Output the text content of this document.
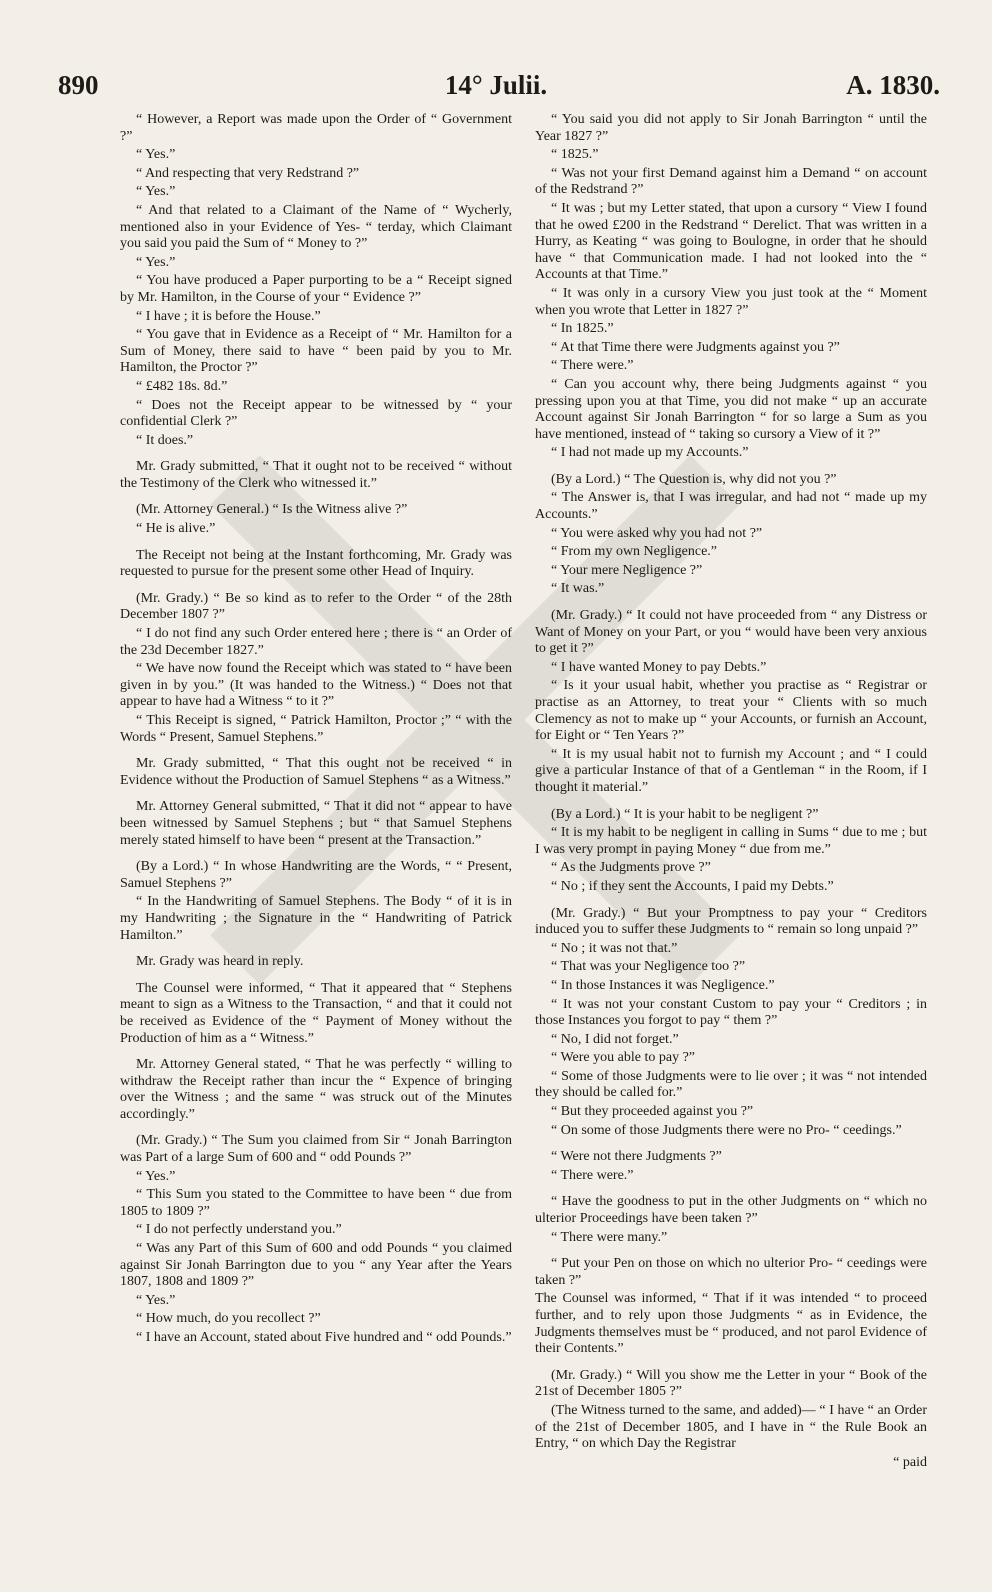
890	14° Julii.	A. 1830.

“ However, a Report was made upon the Order of “ Government ?”

“ Yes.”

“ And respecting that very Redstrand ?”

“ Yes.”

“ And that related to a Claimant of the Name of “ Wycherly, mentioned also in your Evidence of Yes- “ terday, which Claimant you said you paid the Sum of “ Money to ?”

“ Yes.”

“ You have produced a Paper purporting to be a “ Receipt signed by Mr. Hamilton, in the Course of your “ Evidence ?”

“ I have ; it is before the House.”

“ You gave that in Evidence as a Receipt of “ Mr. Hamilton for a Sum of Money, there said to have “ been paid by you to Mr. Hamilton, the Proctor ?”

“ £482 18s. 8d.”

“ Does not the Receipt appear to be witnessed by “ your confidential Clerk ?”

“ It does.”

Mr. Grady submitted, “ That it ought not to be received “ without the Testimony of the Clerk who witnessed it.”

(Mr. Attorney General.) “ Is the Witness alive ?”

“ He is alive.”

The Receipt not being at the Instant forthcoming, Mr. Grady was requested to pursue for the present some other Head of Inquiry.

(Mr. Grady.) “ Be so kind as to refer to the Order “ of the 28th December 1807 ?”

“ I do not find any such Order entered here ; there is “ an Order of the 23d December 1827.”

“ We have now found the Receipt which was stated to “ have been given in by you.” (It was handed to the Witness.) “ Does not that appear to have had a Witness “ to it ?”

“ This Receipt is signed, “ Patrick Hamilton, Proctor ;” “ with the Words “ Present, Samuel Stephens.”

Mr. Grady submitted, “ That this ought not be received “ in Evidence without the Production of Samuel Stephens “ as a Witness.”

Mr. Attorney General submitted, “ That it did not “ appear to have been witnessed by Samuel Stephens ; but “ that Samuel Stephens merely stated himself to have been “ present at the Transaction.”

(By a Lord.) “ In whose Handwriting are the Words, “ “ Present, Samuel Stephens ?”

“ In the Handwriting of Samuel Stephens. The Body “ of it is in my Handwriting ; the Signature in the “ Handwriting of Patrick Hamilton.”

Mr. Grady was heard in reply.

The Counsel were informed, “ That it appeared that “ Stephens meant to sign as a Witness to the Transaction, “ and that it could not be received as Evidence of the “ Payment of Money without the Production of him as a “ Witness.”

Mr. Attorney General stated, “ That he was perfectly “ willing to withdraw the Receipt rather than incur the “ Expence of bringing over the Witness ; and the same “ was struck out of the Minutes accordingly.”

(Mr. Grady.) “ The Sum you claimed from Sir “ Jonah Barrington was Part of a large Sum of 600 and “ odd Pounds ?”

“ Yes.”

“ This Sum you stated to the Committee to have been “ due from 1805 to 1809 ?”

“ I do not perfectly understand you.”

“ Was any Part of this Sum of 600 and odd Pounds “ you claimed against Sir Jonah Barrington due to you “ any Year after the Years 1807, 1808 and 1809 ?”

“ Yes.”

“ How much, do you recollect ?”

“ I have an Account, stated about Five hundred and “ odd Pounds.”

“ You said you did not apply to Sir Jonah Barrington “ until the Year 1827 ?”

“ 1825.”

“ Was not your first Demand against him a Demand “ on account of the Redstrand ?”

“ It was ; but my Letter stated, that upon a cursory “ View I found that he owed £200 in the Redstrand “ Derelict. That was written in a Hurry, as Keating “ was going to Boulogne, in order that he should have “ that Communication made. I had not looked into the “ Accounts at that Time.”

“ It was only in a cursory View you just took at the “ Moment when you wrote that Letter in 1827 ?”

“ In 1825.”

“ At that Time there were Judgments against you ?”

“ There were.”

“ Can you account why, there being Judgments against “ you pressing upon you at that Time, you did not make “ up an accurate Account against Sir Jonah Barrington “ for so large a Sum as you have mentioned, instead of “ taking so cursory a View of it ?”

“ I had not made up my Accounts.”

(By a Lord.) “ The Question is, why did not you ?”

“ The Answer is, that I was irregular, and had not “ made up my Accounts.”

“ You were asked why you had not ?”

“ From my own Negligence.”

“ Your mere Negligence ?”

“ It was.”

(Mr. Grady.) “ It could not have proceeded from “ any Distress or Want of Money on your Part, or you “ would have been very anxious to get it ?”

“ I have wanted Money to pay Debts.”

“ Is it your usual habit, whether you practise as “ Registrar or practise as an Attorney, to treat your “ Clients with so much Clemency as not to make up “ your Accounts, or furnish an Account, for Eight or “ Ten Years ?”

“ It is my usual habit not to furnish my Account ; and “ I could give a particular Instance of that of a Gentleman “ in the Room, if I thought it material.”

(By a Lord.) “ It is your habit to be negligent ?”

“ It is my habit to be negligent in calling in Sums “ due to me ; but I was very prompt in paying Money “ due from me.”

“ As the Judgments prove ?”

“ No ; if they sent the Accounts, I paid my Debts.”

(Mr. Grady.) “ But your Promptness to pay your “ Creditors induced you to suffer these Judgments to “ remain so long unpaid ?”

“ No ; it was not that.”

“ That was your Negligence too ?”

“ In those Instances it was Negligence.”

“ It was not your constant Custom to pay your “ Creditors ; in those Instances you forgot to pay “ them ?”

“ No, I did not forget.”

“ Were you able to pay ?”

“ Some of those Judgments were to lie over ; it was “ not intended they should be called for.”

“ But they proceeded against you ?”

“ On some of those Judgments there were no Pro- “ ceedings.”

“ Were not there Judgments ?”

“ There were.”

“ Have the goodness to put in the other Judgments on “ which no ulterior Proceedings have been taken ?”

“ There were many.”

“ Put your Pen on those on which no ulterior Pro- “ ceedings were taken ?”

The Counsel was informed, “ That if it was intended “ to proceed further, and to rely upon those Judgments “ as in Evidence, the Judgments themselves must be “ produced, and not parol Evidence of their Contents.”

(Mr. Grady.) “ Will you show me the Letter in your “ Book of the 21st of December 1805 ?”

(The Witness turned to the same, and added)— “ I have “ an Order of the 21st of December 1805, and I have in “ the Rule Book an Entry, “ on which Day the Registrar

“ paid
